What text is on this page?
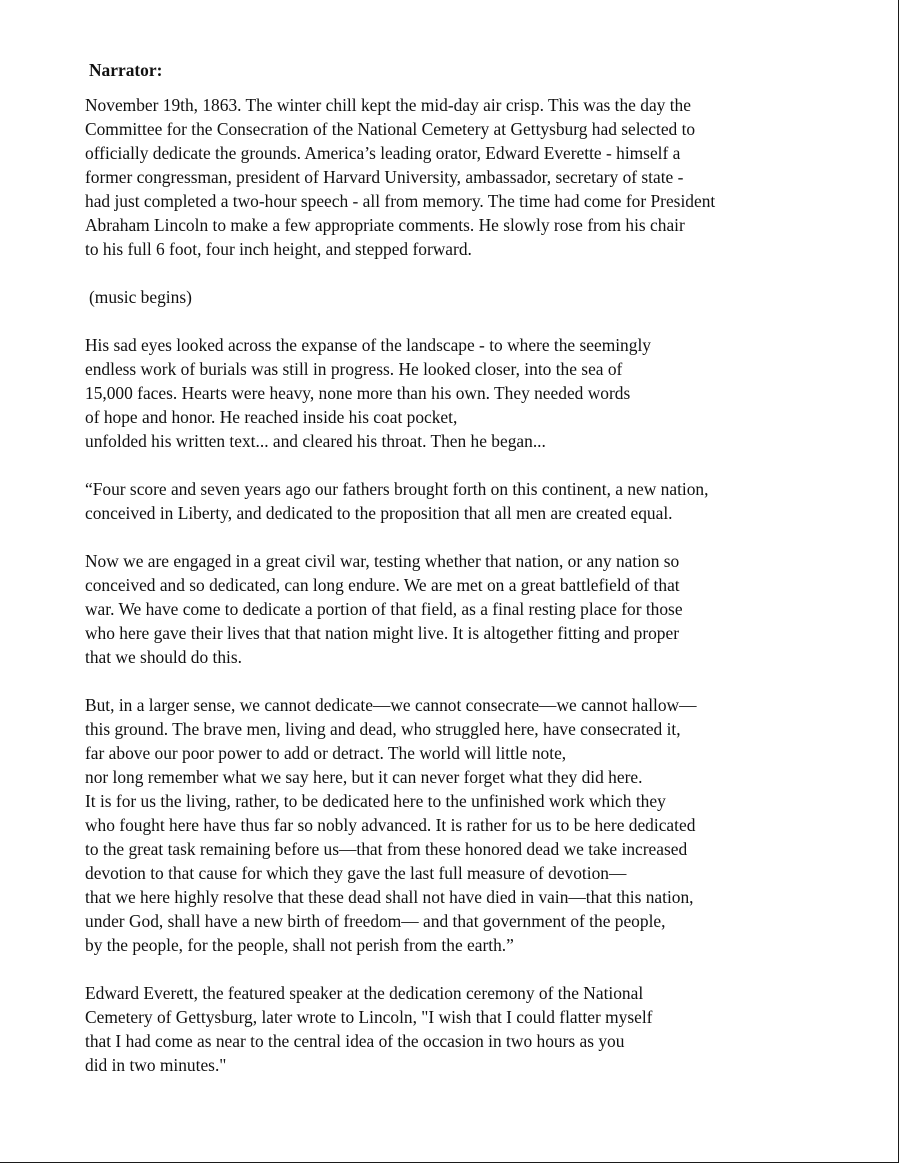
Narrator:
November 19th, 1863. The winter chill kept the mid-day air crisp. This was the day the
Committee for the Consecration of the National Cemetery at Gettysburg had selected to
officially dedicate the grounds. America’s leading orator, Edward Everette - himself a
former congressman, president of Harvard University, ambassador, secretary of state -
had just completed a two-hour speech - all from memory. The time had come for President
Abraham Lincoln to make a few appropriate comments. He slowly rose from his chair
to his full 6 foot, four inch height, and stepped forward.
(music begins)
His sad eyes looked across the expanse of the landscape - to where the seemingly
endless work of burials was still in progress. He looked closer, into the sea of
15,000 faces. Hearts were heavy, none more than his own. They needed words
of hope and honor. He reached inside his coat pocket,
unfolded his written text... and cleared his throat. Then he began...
“Four score and seven years ago our fathers brought forth on this continent, a new nation,
conceived in Liberty, and dedicated to the proposition that all men are created equal.
Now we are engaged in a great civil war, testing whether that nation, or any nation so
conceived and so dedicated, can long endure. We are met on a great battlefield of that
war. We have come to dedicate a portion of that field, as a final resting place for those
who here gave their lives that that nation might live. It is altogether fitting and proper
that we should do this.
But, in a larger sense, we cannot dedicate—we cannot consecrate—we cannot hallow—
this ground. The brave men, living and dead, who struggled here, have consecrated it,
far above our poor power to add or detract. The world will little note,
nor long remember what we say here, but it can never forget what they did here.
It is for us the living, rather, to be dedicated here to the unfinished work which they
who fought here have thus far so nobly advanced. It is rather for us to be here dedicated
to the great task remaining before us—that from these honored dead we take increased
devotion to that cause for which they gave the last full measure of devotion—
that we here highly resolve that these dead shall not have died in vain—that this nation,
under God, shall have a new birth of freedom— and that government of the people,
by the people, for the people, shall not perish from the earth.”
Edward Everett, the featured speaker at the dedication ceremony of the National
Cemetery of Gettysburg, later wrote to Lincoln, "I wish that I could flatter myself
that I had come as near to the central idea of the occasion in two hours as you
did in two minutes."
